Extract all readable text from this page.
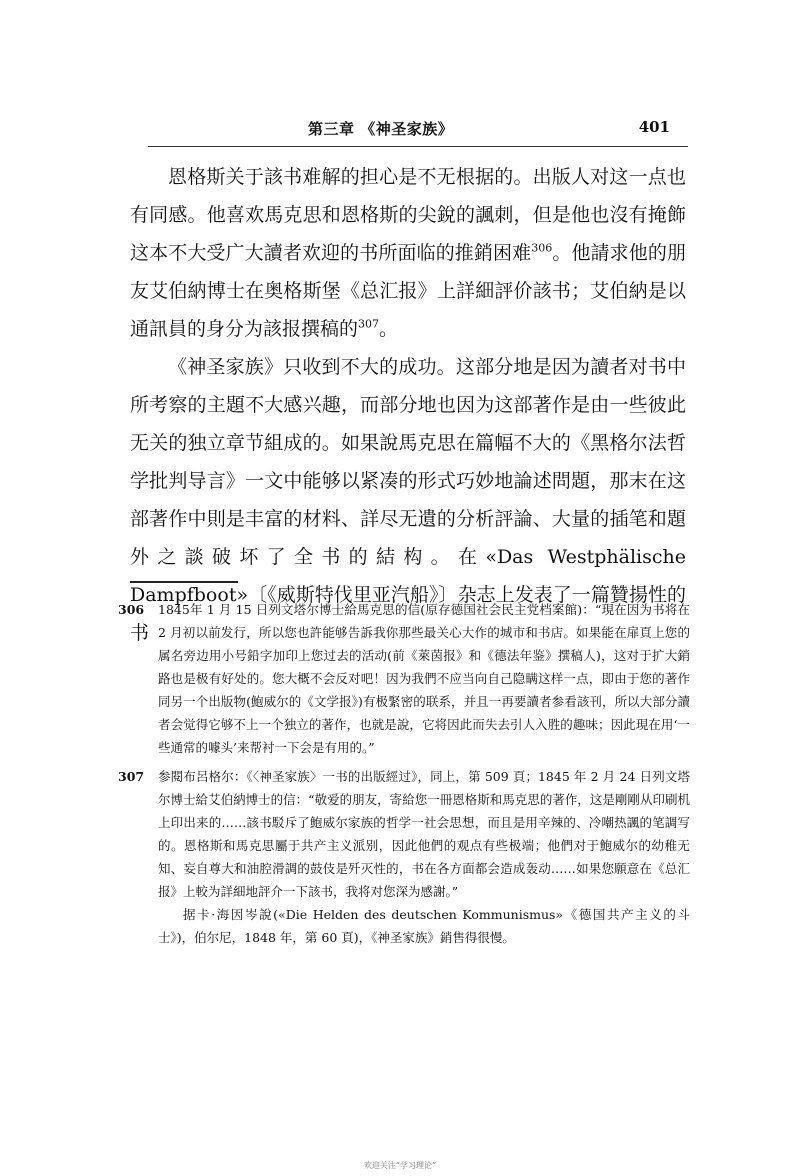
第三章 《神圣家族》	401

恩格斯关于該书难解的担心是不无根据的。出版人对这一点也有同感。他喜欢馬克思和恩格斯的尖銳的諷刺，但是他也沒有掩飾这本不大受广大讀者欢迎的书所面临的推銷困难$^{306}$。他請求他的朋友艾伯納博士在奥格斯堡《总汇报》上詳細評价該书；艾伯納是以通訊員的身分为該报撰稿的$^{307}$。

《神圣家族》只收到不大的成功。这部分地是因为讀者对书中所考察的主題不大感兴趣，而部分地也因为这部著作是由一些彼此无关的独立章节組成的。如果說馬克思在篇幅不大的《黑格尔法哲学批判导言》一文中能够以紧凑的形式巧妙地論述問題，那末在这部著作中則是丰富的材料、詳尽无遺的分析評論、大量的插笔和題外之談破坏了全书的結构。在«Das Westphälische Dampfboot»〔《威斯特伐里亚汽船》〕杂志上发表了一篇贊揚性的书

306 1845年 1 月 15 日列文塔尔博士給馬克思的信(原存德国社会民主党档案館)：“現在因为书将在 2 月初以前发行，所以您也許能够告訴我你那些最关心大作的城市和书店。如果能在扉頁上您的属名旁边用小号鉛字加印上您过去的活动(前《萊茵报》和《德法年鉴》撰稿人)，这对于扩大銷路也是极有好处的。您大概不会反对吧！因为我們不应当向自己隐瞒这样一点，即由于您的著作同另一个出版物(鮑威尔的《文学报》)有极緊密的联系，并且一再要讀者参看該刊，所以大部分讀者会觉得它够不上一个独立的著作，也就是說，它将因此而失去引人入胜的趣味；因此現在用‘一些通常的噱头’来帮衬一下会是有用的。”

307 参閱布呂格尔：《〈神圣家族〉一书的出版經过》，同上，第 509 頁；1845 年 2 月 24 日列文塔尔博士給艾伯納博士的信：“敬爱的朋友，寄給您一冊恩格斯和馬克思的著作，这是剛剛从印刷机上印出来的……該书駁斥了鮑威尔家族的哲学一社会思想，而且是用辛辣的、冷嘲热諷的笔調写的。恩格斯和馬克思屬于共产主义派别，因此他們的观点有些极端；他們对于鮑威尔的幼稚无知、妄自尊大和油腔滑調的鼓伎是歼灭性的，书在各方面都会造成轰动……如果您願意在《总汇报》上較为詳細地評介一下該书，我将对您深为感謝。”

据卡·海因岑說(«Die Helden des deutschen Kommunismus»《德国共产主义的斗士》)，伯尔尼，1848 年，第 60 頁)，《神圣家族》銷售得很慢。

欢迎关注“学习理论”
